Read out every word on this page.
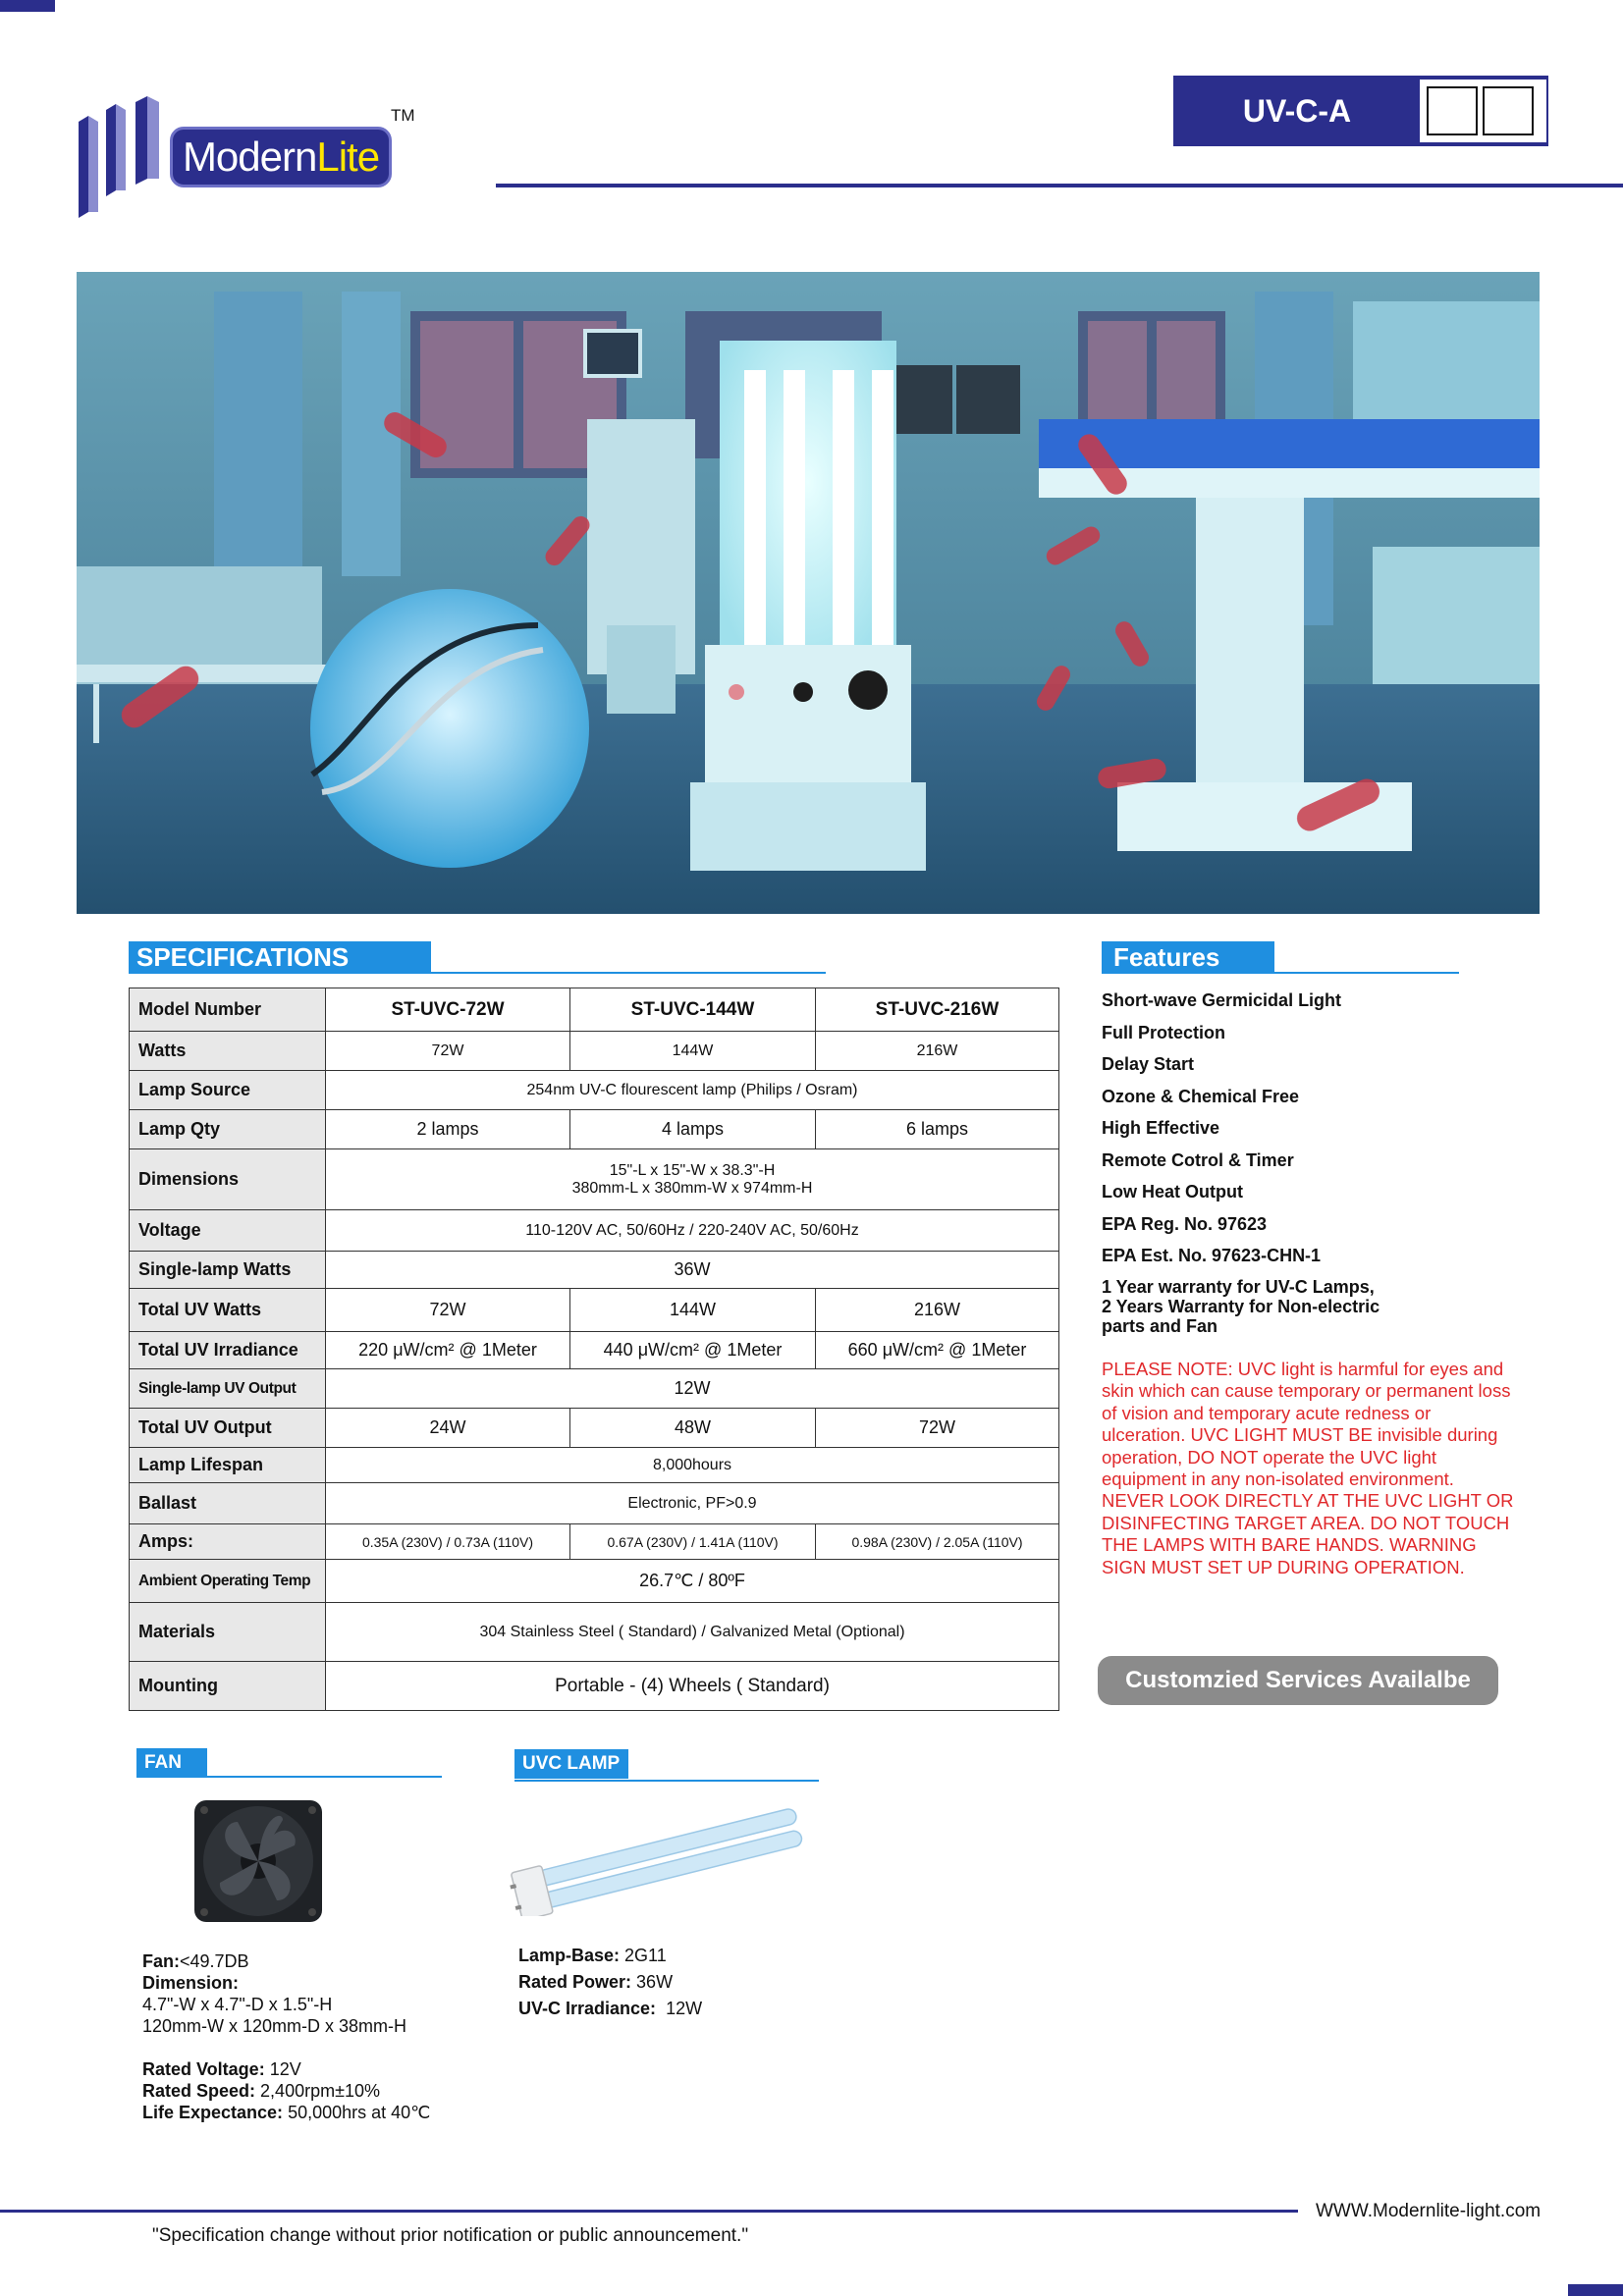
Modern Lite
TM	UV-C-A
SPECIFICATIONS
Model Number	ST-UVC-72W	ST-UVC-144W	ST-UVC-216W
Watts	72W	144W	216W
Lamp Source	254nm UV-C flourescent lamp (Philips / Osram)		
Lamp Qty	2 lamps	4 lamps	6 lamps
Dimensions	15"-L x 15"-W x 38.3"-H
380mm-L x 380mm-W x 974mm-H		

Voltage	110-120V AC, 50/60Hz / 220-240V AC, 50/60Hz		
Single-lamp Watts	36W		
Total UV Watts	72W	144W	216W
Total UV Irradiance	220 μW/cm² @ 1Meter	440 μW/cm² @ 1Meter	660 μW/cm² @ 1Meter
Single-lamp UV Output	12W		
Total UV Output	24W	48W	72W
Lamp Lifespan	8,000hours		
Ballast	Electronic, PF>0.9		
Amps:	0.35A (230V) / 0.73A (110V)	0.67A (230V) / 1.41A (110V)	0.98A (230V) / 2.05A (110V)
Ambient Operating Temp	26.7℃ / 80ºF		
Materials	304 Stainless Steel ( Standard) / Galvanized Metal (Optional)		
Mounting	Portable - (4) Wheels ( Standard)		
Features
Short-wave Germicidal Light
Full Protection
Delay Start
Ozone & Chemical Free
High Effective
Remote Cotrol & Timer
Low Heat Output
EPA Reg. No. 97623
EPA Est. No. 97623-CHN-1
1 Year warranty for UV-C Lamps,
2 Years Warranty for Non-electric
parts and Fan
PLEASE NOTE: UVC light is harmful for eyes and skin which can cause temporary or permanent loss of vision and temporary acute redness or ulceration. UVC LIGHT MUST BE invisible during operation, DO NOT operate the UVC light equipment in any non-isolated environment. NEVER LOOK DIRECTLY AT THE UVC LIGHT OR DISINFECTING TARGET AREA. DO NOT TOUCH THE LAMPS WITH BARE HANDS. WARNING SIGN MUST SET UP DURING OPERATION.
Customzied Services Availalbe
FAN
Fan:<49.7DB
Dimension:
4.7"-W x 4.7"-D x 1.5"-H
120mm-W x 120mm-D x 38mm-H
Rated Voltage: 12V
Rated Speed: 2,400rpm±10%
Life Expectance: 50,000hrs at 40℃
UVC LAMP
Lamp-Base: 2G11
Rated Power: 36W
UV-C Irradiance: 12W
WWW.Modernlite-light.com
"Specification change without prior notification or public announcement."
